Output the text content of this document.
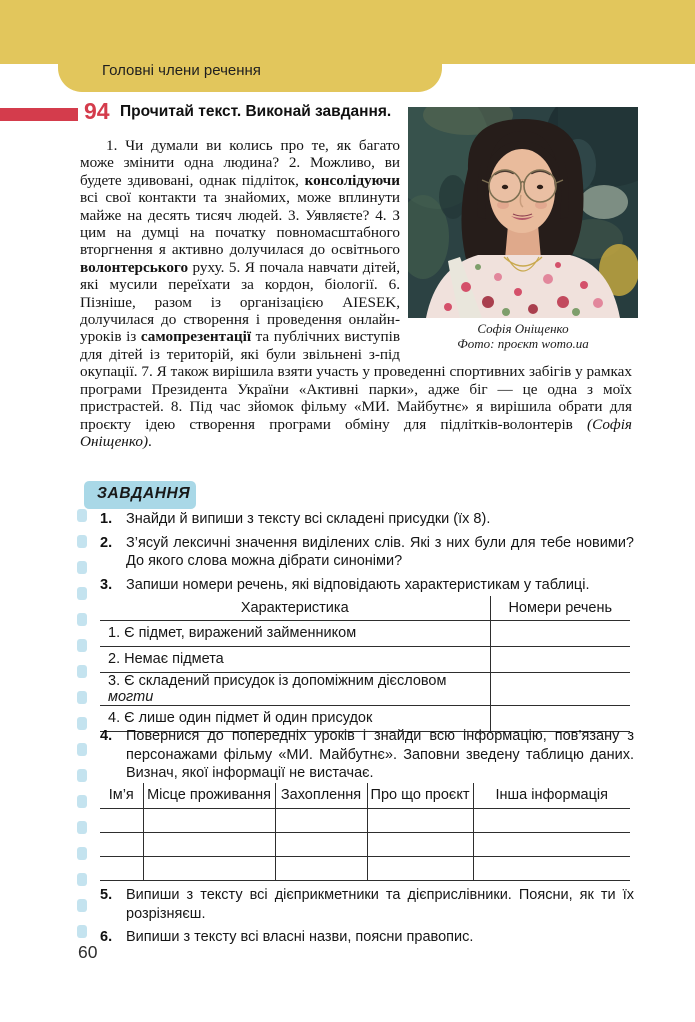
Головні члени речення
94 Прочитай текст. Виконай завдання.
Софія Оніщенко
Фото: проєкт womo.ua

1. Чи думали ви колись про те, як багато може змінити одна людина? 2. Можливо, ви будете здивовані, однак підліток, консолідуючи всі свої контакти та знайомих, може вплинути майже на десять тисяч людей. 3. Уявляєте? 4. З цим на думці на початку повномасштабного вторгнення я активно долучилася до освітнього волонтерського руху. 5. Я почала навчати дітей, які мусили переїхати за кордон, біології. 6. Пізніше, разом із організацією AIESEK, долучилася до створення і проведення онлайн-уроків із самопрезентації та публічних виступів для дітей із територій, які були звільнені з-під окупації. 7. Я також вирішила взяти участь у проведенні спортивних забігів у рамках програми Президента України «Активні парки», адже біг — це одна з моїх пристрастей. 8. Під час зйомок фільму «МИ. Майбутнє» я вирішила обрати для проєкту ідею створення програми обміну для підлітків-волонтерів (Софія Оніщенко).

ЗАВДАННЯ
1. Знайди й випиши з тексту всі складені присудки (їх 8).
2. З’ясуй лексичні значення виділених слів. Які з них були для тебе новими? До якого слова можна дібрати синоніми?
3. Запиши номери речень, які відповідають характеристикам у таблиці.
Характеристика	Номери речень
1. Є підмет, виражений займенником	
2. Немає підмета	
3. Є складений присудок із допоміжним дієсловом могти	
4. Є лише один підмет й один присудок	
4. Повернися до попередніх уроків і знайди всю інформацію, пов’язану з персонажами фільму «МИ. Майбутнє». Заповни зведену таблицю даних. Визнач, якої інформації не вистачає.
Ім’я	Місце проживання	Захоплення	Про що проєкт	Інша інформація

5. Випиши з тексту всі дієприкметники та дієприслівники. Поясни, як ти їх розрізняєш.
6. Випиши з тексту всі власні назви, поясни правопис.
60
